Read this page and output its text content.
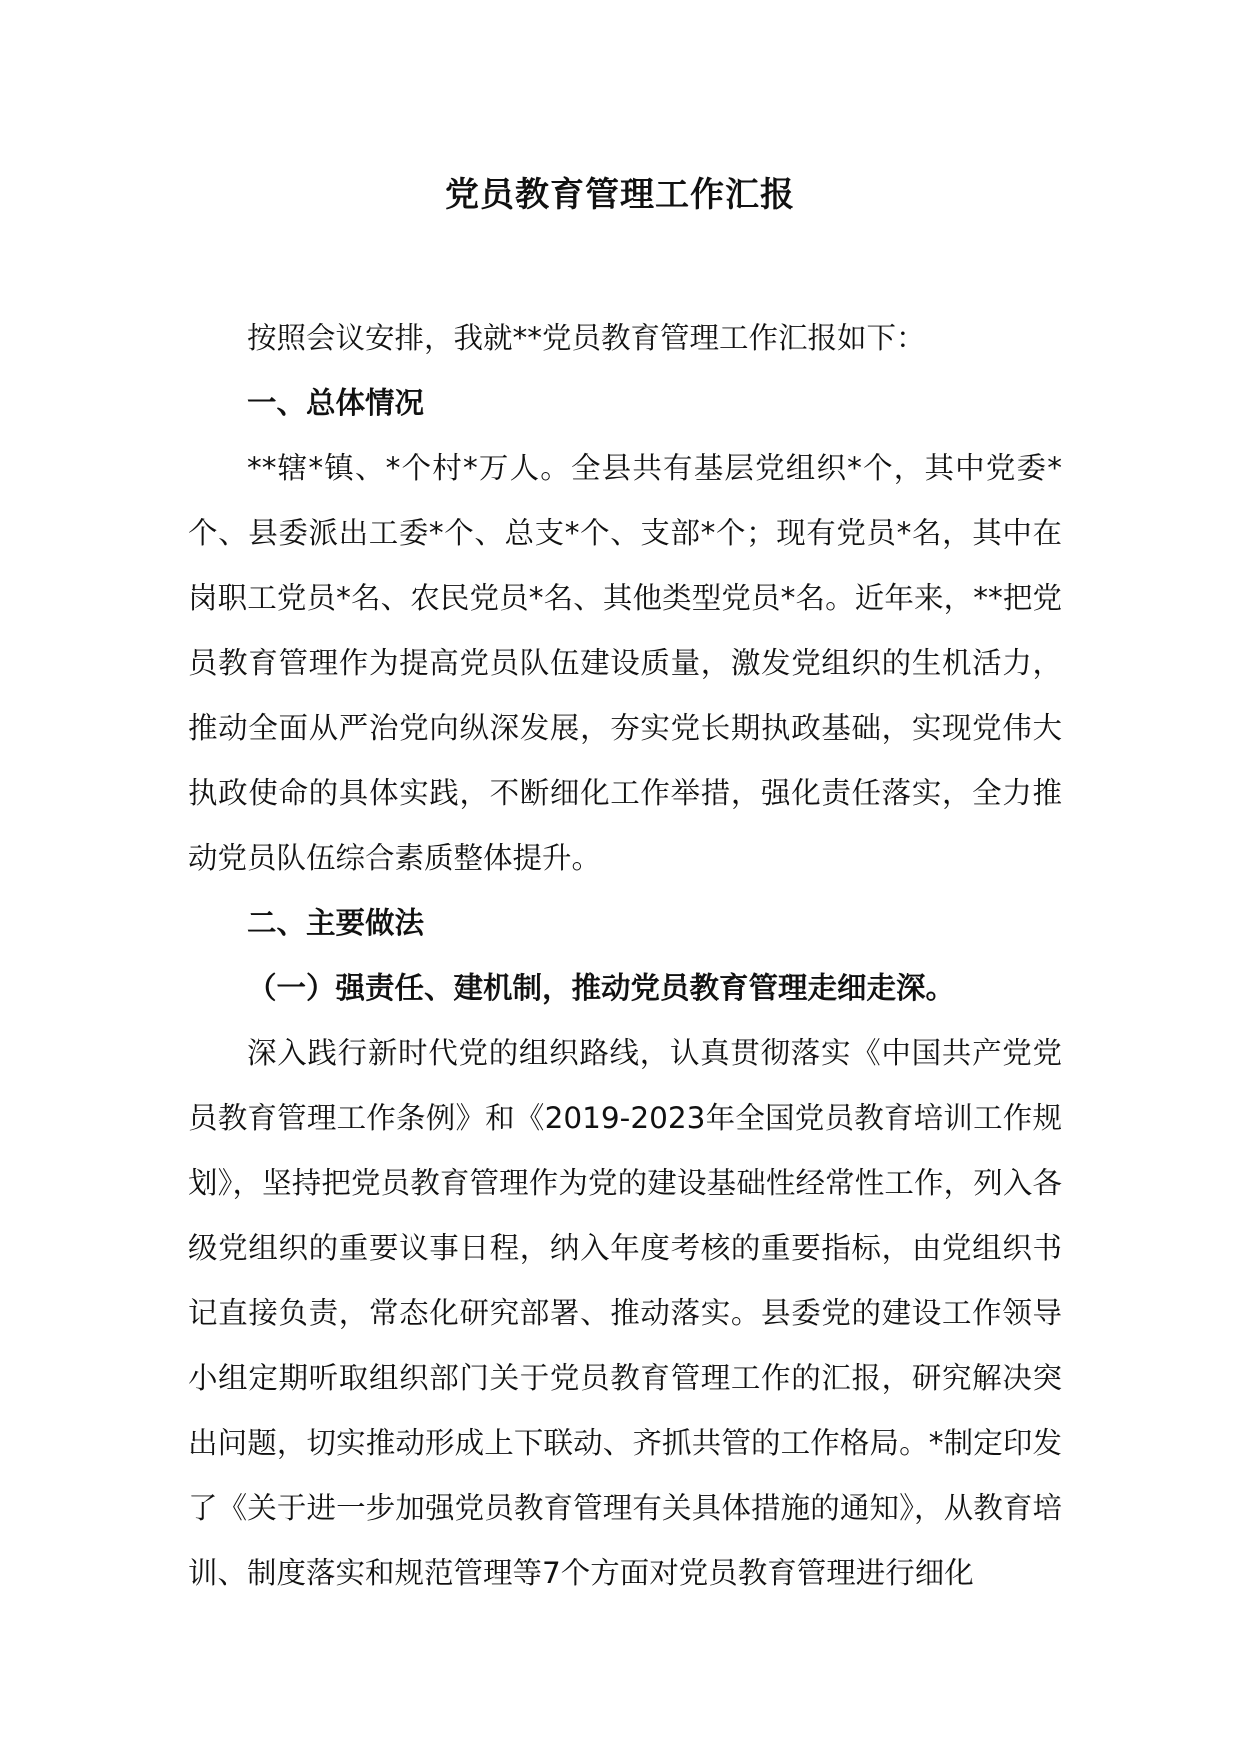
党员教育管理工作汇报

按照会议安排，我就**党员教育管理工作汇报如下：

一、总体情况

**辖*镇、*个村*万人。全县共有基层党组织*个，其中党委*个、县委派出工委*个、总支*个、支部*个；现有党员*名，其中在岗职工党员*名、农民党员*名、其他类型党员*名。近年来，**把党员教育管理作为提高党员队伍建设质量，激发党组织的生机活力，推动全面从严治党向纵深发展，夯实党长期执政基础，实现党伟大执政使命的具体实践，不断细化工作举措，强化责任落实，全力推动党员队伍综合素质整体提升。

二、主要做法

（一）强责任、建机制，推动党员教育管理走细走深。

深入践行新时代党的组织路线，认真贯彻落实《中国共产党党员教育管理工作条例》和《2019-2023年全国党员教育培训工作规划》，坚持把党员教育管理作为党的建设基础性经常性工作，列入各级党组织的重要议事日程，纳入年度考核的重要指标，由党组织书记直接负责，常态化研究部署、推动落实。县委党的建设工作领导小组定期听取组织部门关于党员教育管理工作的汇报，研究解决突出问题，切实推动形成上下联动、齐抓共管的工作格局。*制定印发了《关于进一步加强党员教育管理有关具体措施的通知》，从教育培训、制度落实和规范管理等7个方面对党员教育管理进行细化
